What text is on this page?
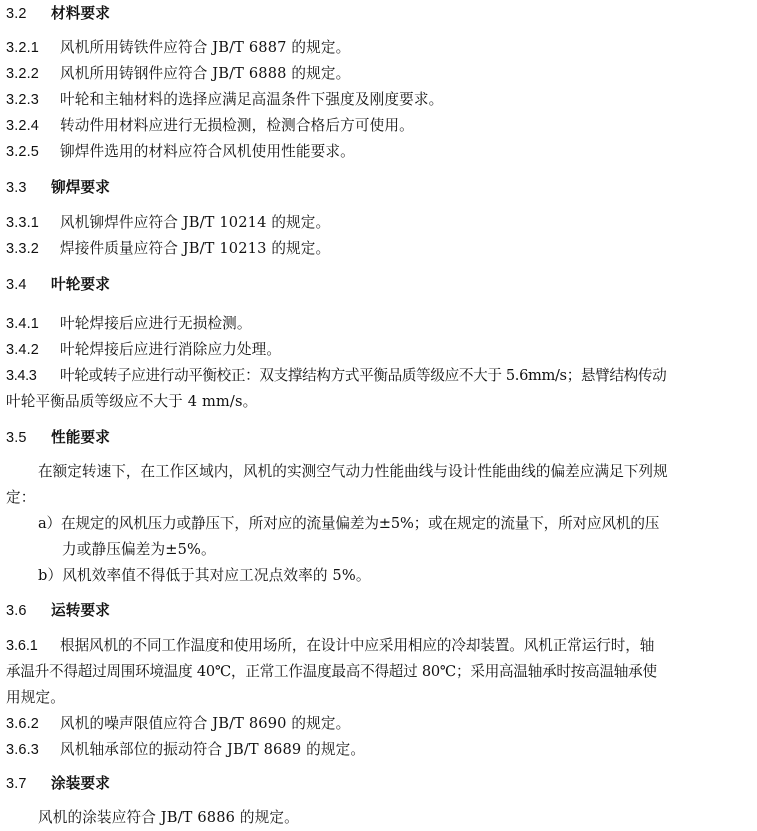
3.2 材料要求
3.2.1 风机所用铸铁件应符合 JB/T 6887 的规定。
3.2.2 风机所用铸钢件应符合 JB/T 6888 的规定。
3.2.3 叶轮和主轴材料的选择应满足高温条件下强度及刚度要求。
3.2.4 转动件用材料应进行无损检测，检测合格后方可使用。
3.2.5 铆焊件选用的材料应符合风机使用性能要求。
3.3 铆焊要求
3.3.1 风机铆焊件应符合 JB/T 10214 的规定。
3.3.2 焊接件质量应符合 JB/T 10213 的规定。
3.4 叶轮要求
3.4.1 叶轮焊接后应进行无损检测。
3.4.2 叶轮焊接后应进行消除应力处理。
3.4.3 叶轮或转子应进行动平衡校正：双支撑结构方式平衡品质等级应不大于 5.6mm/s；悬臂结构传动
叶轮平衡品质等级应不大于 4 mm/s。
3.5 性能要求
在额定转速下，在工作区域内，风机的实测空气动力性能曲线与设计性能曲线的偏差应满足下列规
定：
a）在规定的风机压力或静压下，所对应的流量偏差为±5%；或在规定的流量下，所对应风机的压
力或静压偏差为±5%。
b）风机效率值不得低于其对应工况点效率的 5%。
3.6 运转要求
3.6.1 根据风机的不同工作温度和使用场所，在设计中应采用相应的冷却装置。风机正常运行时，轴
承温升不得超过周围环境温度 40℃，正常工作温度最高不得超过 80℃；采用高温轴承时按高温轴承使
用规定。
3.6.2 风机的噪声限值应符合 JB/T 8690 的规定。
3.6.3 风机轴承部位的振动符合 JB/T 8689 的规定。
3.7 涂装要求
风机的涂装应符合 JB/T 6886 的规定。
